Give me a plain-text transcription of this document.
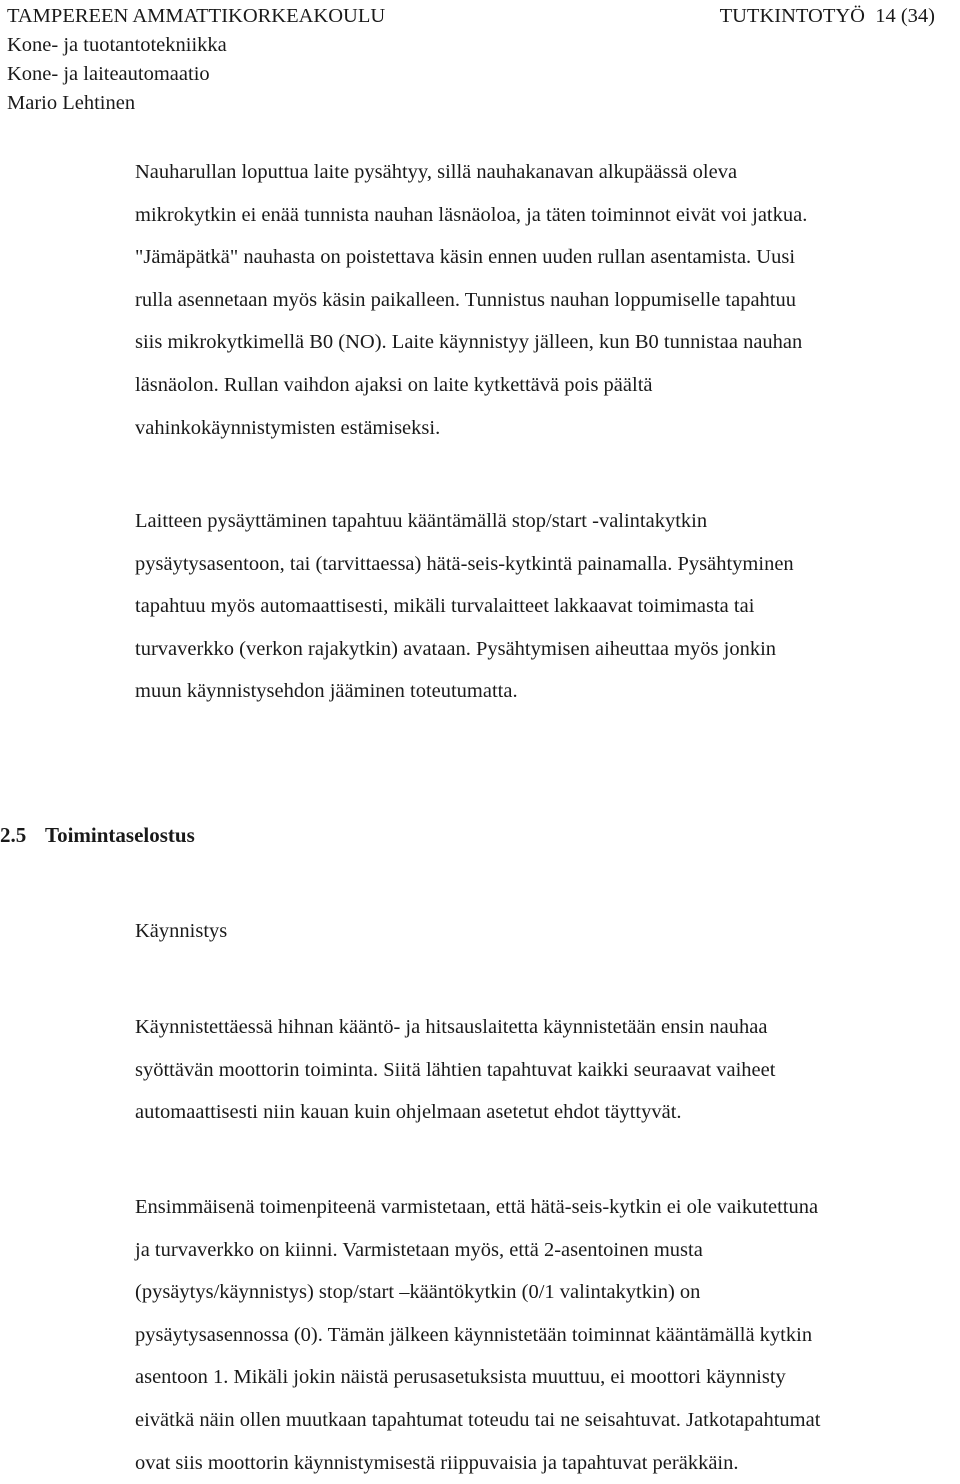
TAMPEREEN AMMATTIKORKEAKOULU	TUTKINTOTYÖ 14 (34)
Kone- ja tuotantotekniikka
Kone- ja laiteautomaatio
Mario Lehtinen

Nauharullan loputtua laite pysähtyy, sillä nauhakanavan alkupäässä oleva
mikrokytkin ei enää tunnista nauhan läsnäoloa, ja täten toiminnot eivät voi jatkua.
"Jämäpätkä" nauhasta on poistettava käsin ennen uuden rullan asentamista. Uusi
rulla asennetaan myös käsin paikalleen. Tunnistus nauhan loppumiselle tapahtuu
siis mikrokytkimellä B0 (NO). Laite käynnistyy jälleen, kun B0 tunnistaa nauhan
läsnäolon. Rullan vaihdon ajaksi on laite kytkettävä pois päältä
vahinkokäynnistymisten estämiseksi.

Laitteen pysäyttäminen tapahtuu kääntämällä stop/start -valintakytkin
pysäytysasentoon, tai (tarvittaessa) hätä-seis-kytkintä painamalla. Pysähtyminen
tapahtuu myös automaattisesti, mikäli turvalaitteet lakkaavat toimimasta tai
turvaverkko (verkon rajakytkin) avataan. Pysähtymisen aiheuttaa myös jonkin
muun käynnistysehdon jääminen toteutumatta.

2.5 Toimintaselostus
Käynnistys

Käynnistettäessä hihnan kääntö- ja hitsauslaitetta käynnistetään ensin nauhaa
syöttävän moottorin toiminta. Siitä lähtien tapahtuvat kaikki seuraavat vaiheet
automaattisesti niin kauan kuin ohjelmaan asetetut ehdot täyttyvät.

Ensimmäisenä toimenpiteenä varmistetaan, että hätä-seis-kytkin ei ole vaikutettuna
ja turvaverkko on kiinni. Varmistetaan myös, että 2-asentoinen musta
(pysäytys/käynnistys) stop/start –kääntökytkin (0/1 valintakytkin) on
pysäytysasennossa (0). Tämän jälkeen käynnistetään toiminnat kääntämällä kytkin
asentoon 1. Mikäli jokin näistä perusasetuksista muuttuu, ei moottori käynnisty
eivätkä näin ollen muutkaan tapahtumat toteudu tai ne seisahtuvat. Jatkotapahtumat
ovat siis moottorin käynnistymisestä riippuvaisia ja tapahtuvat peräkkäin.
